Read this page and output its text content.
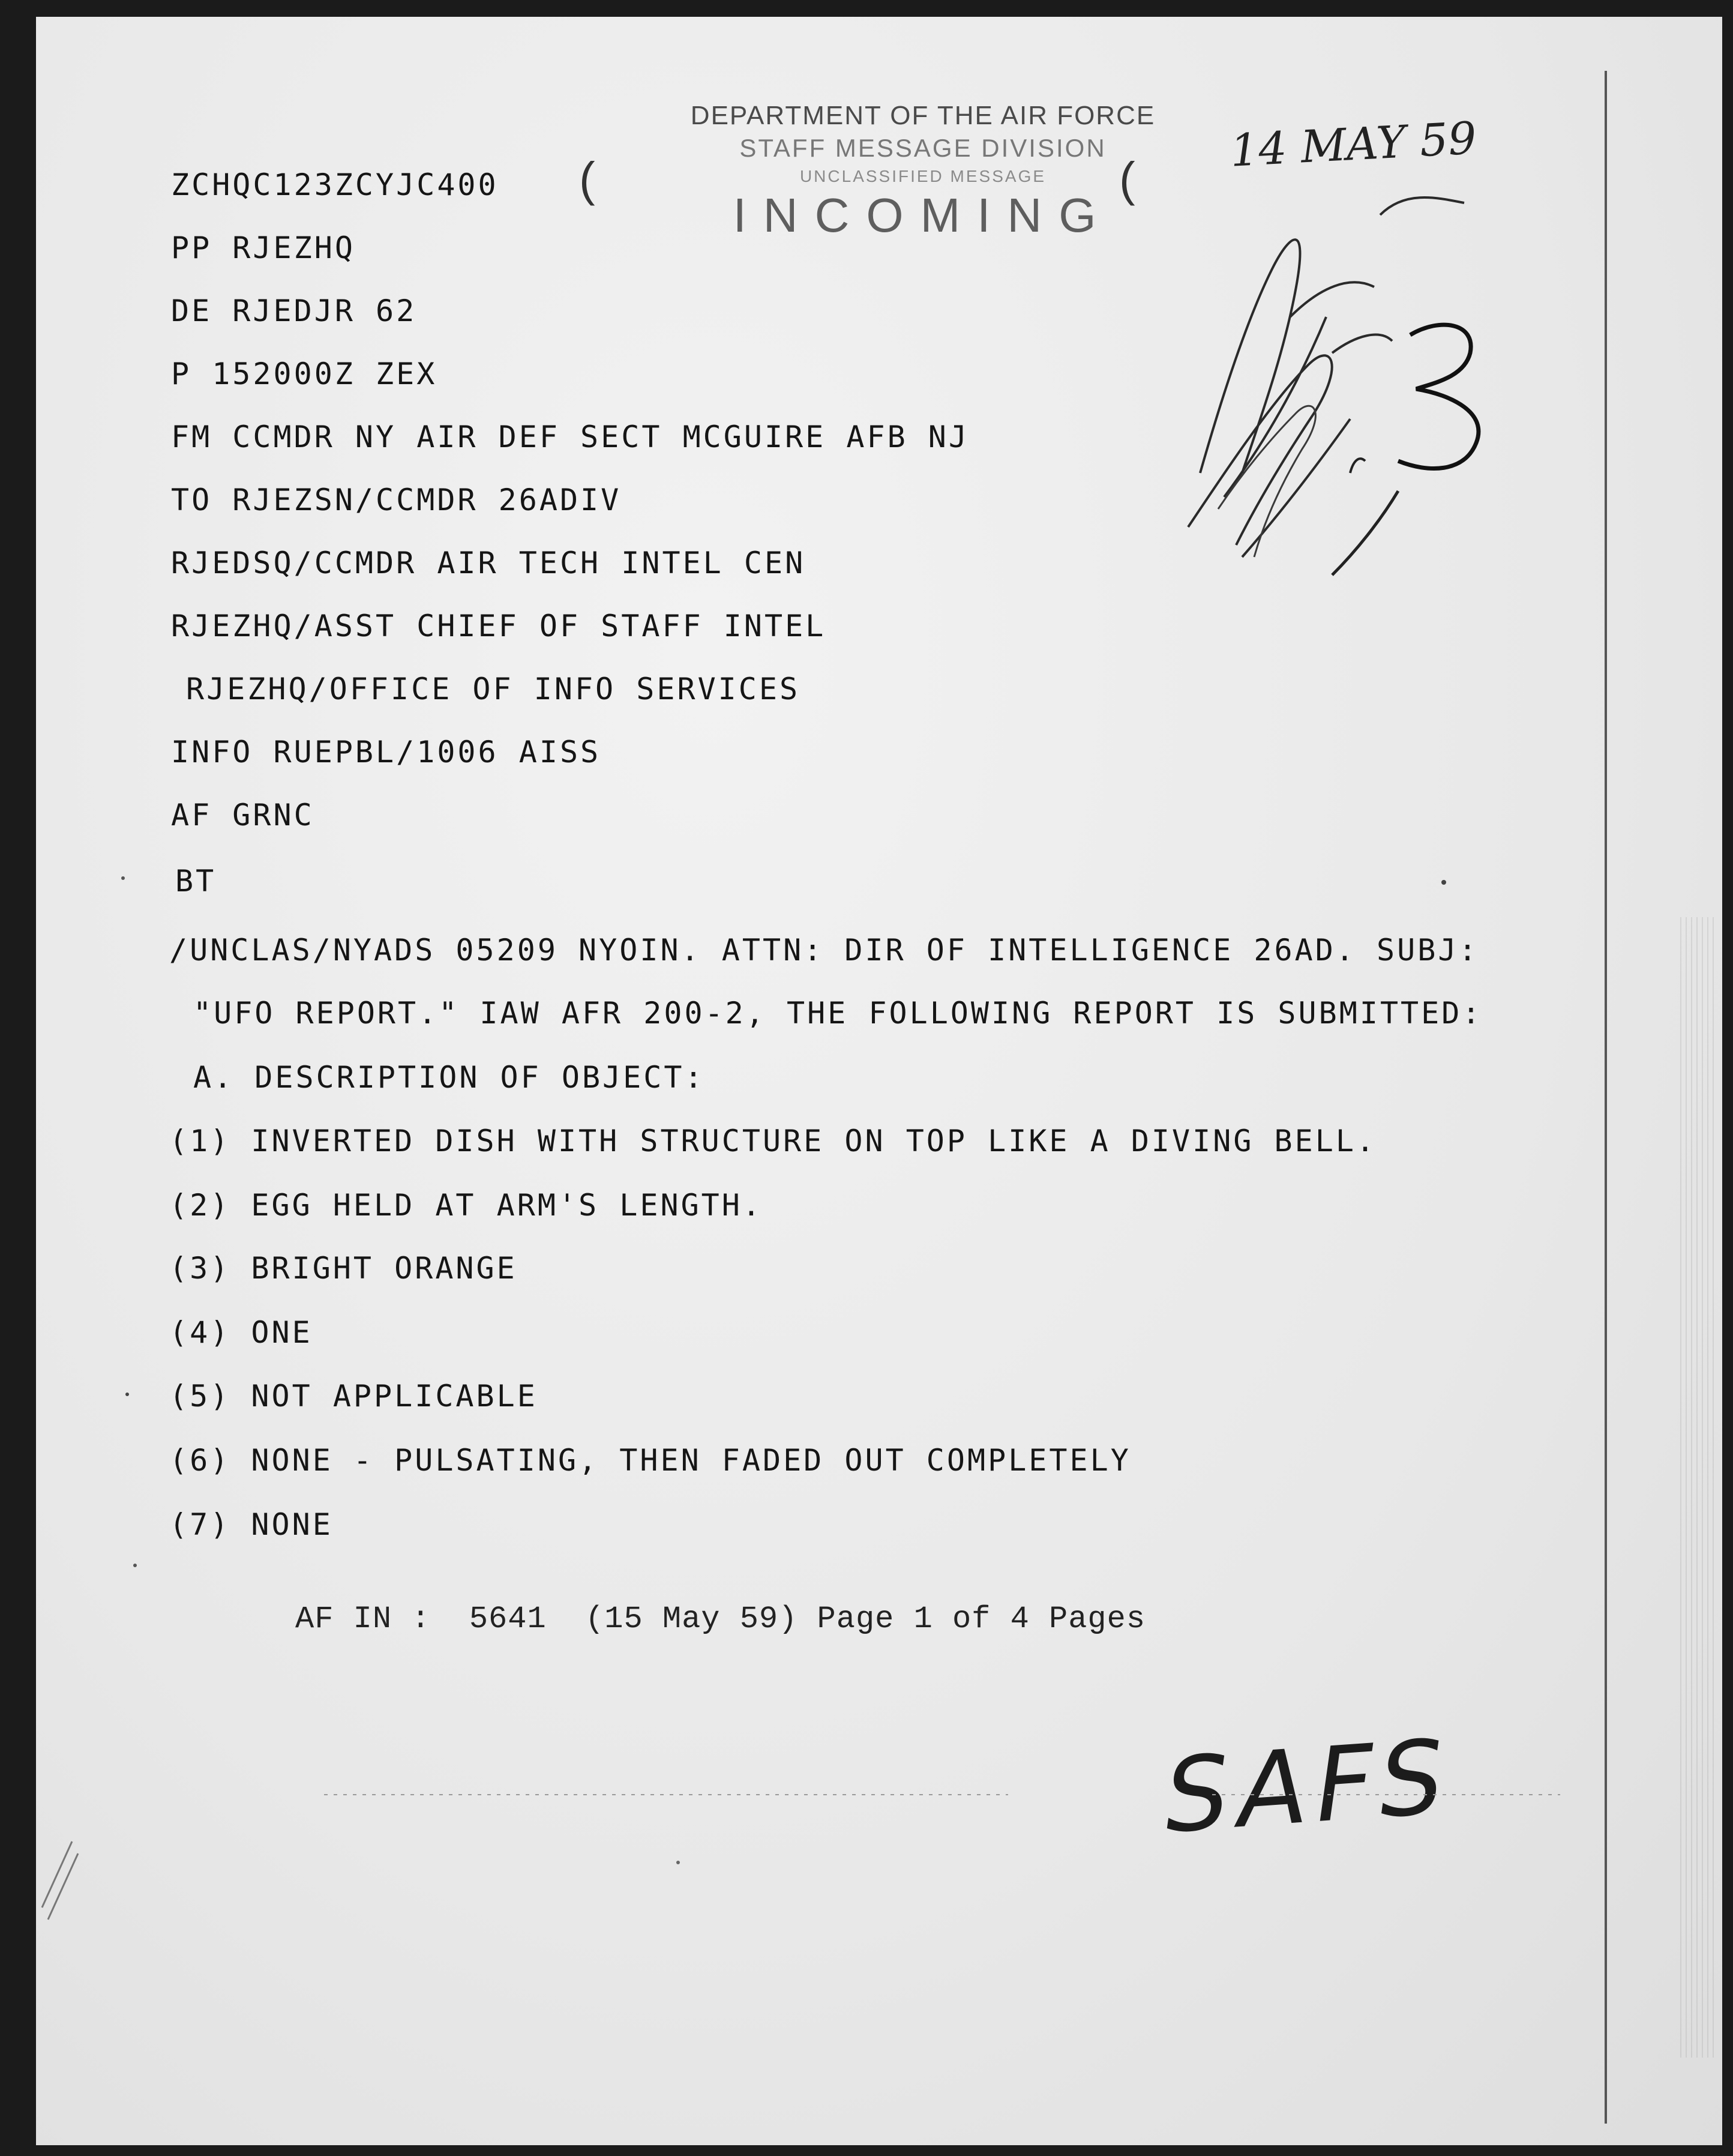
DEPARTMENT OF THE AIR FORCE
STAFF MESSAGE DIVISION
UNCLASSIFIED MESSAGE
INCOMING
(	(
14 MAY 59
ZCHQC123ZCYJC400
PP RJEZHQ
DE RJEDJR 62
P 152000Z ZEX
FM CCMDR NY AIR DEF SECT MCGUIRE AFB NJ
TO RJEZSN/CCMDR 26ADIV
RJEDSQ/CCMDR AIR TECH INTEL CEN
RJEZHQ/ASST CHIEF OF STAFF INTEL
RJEZHQ/OFFICE OF INFO SERVICES
INFO RUEPBL/1006 AISS
AF GRNC
BT
/UNCLAS/NYADS 05209 NYOIN. ATTN: DIR OF INTELLIGENCE 26AD. SUBJ:
"UFO REPORT." IAW AFR 200-2, THE FOLLOWING REPORT IS SUBMITTED:
A. DESCRIPTION OF OBJECT:
(1) INVERTED DISH WITH STRUCTURE ON TOP LIKE A DIVING BELL.
(2) EGG HELD AT ARM'S LENGTH.
(3) BRIGHT ORANGE
(4) ONE
(5) NOT APPLICABLE
(6) NONE - PULSATING, THEN FADED OUT COMPLETELY
(7) NONE
AF IN :  5641  (15 May 59) Page 1 of 4 Pages
SAFS
